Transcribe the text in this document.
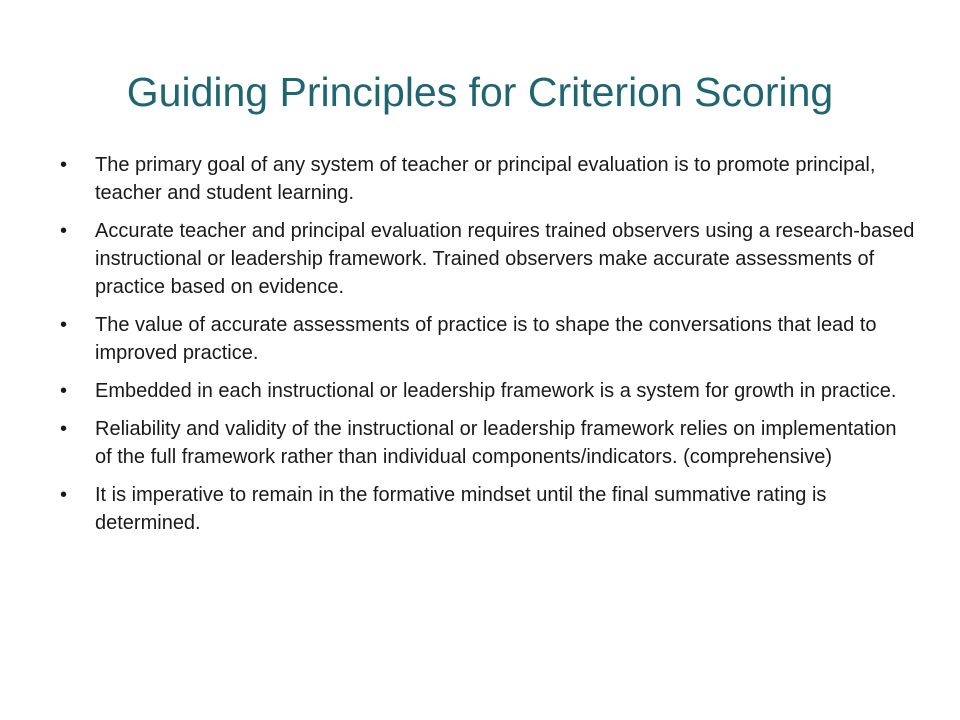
Guiding Principles for Criterion Scoring
• The primary goal of any system of teacher or principal evaluation is to promote principal, teacher and student learning.
• Accurate teacher and principal evaluation requires trained observers using a research-based instructional or leadership framework. Trained observers make accurate assessments of practice based on evidence.
• The value of accurate assessments of practice is to shape the conversations that lead to improved practice.
• Embedded in each instructional or leadership framework is a system for growth in practice.
• Reliability and validity of the instructional or leadership framework relies on implementation of the full framework rather than individual components/indicators. (comprehensive)
• It is imperative to remain in the formative mindset until the final summative rating is determined.
